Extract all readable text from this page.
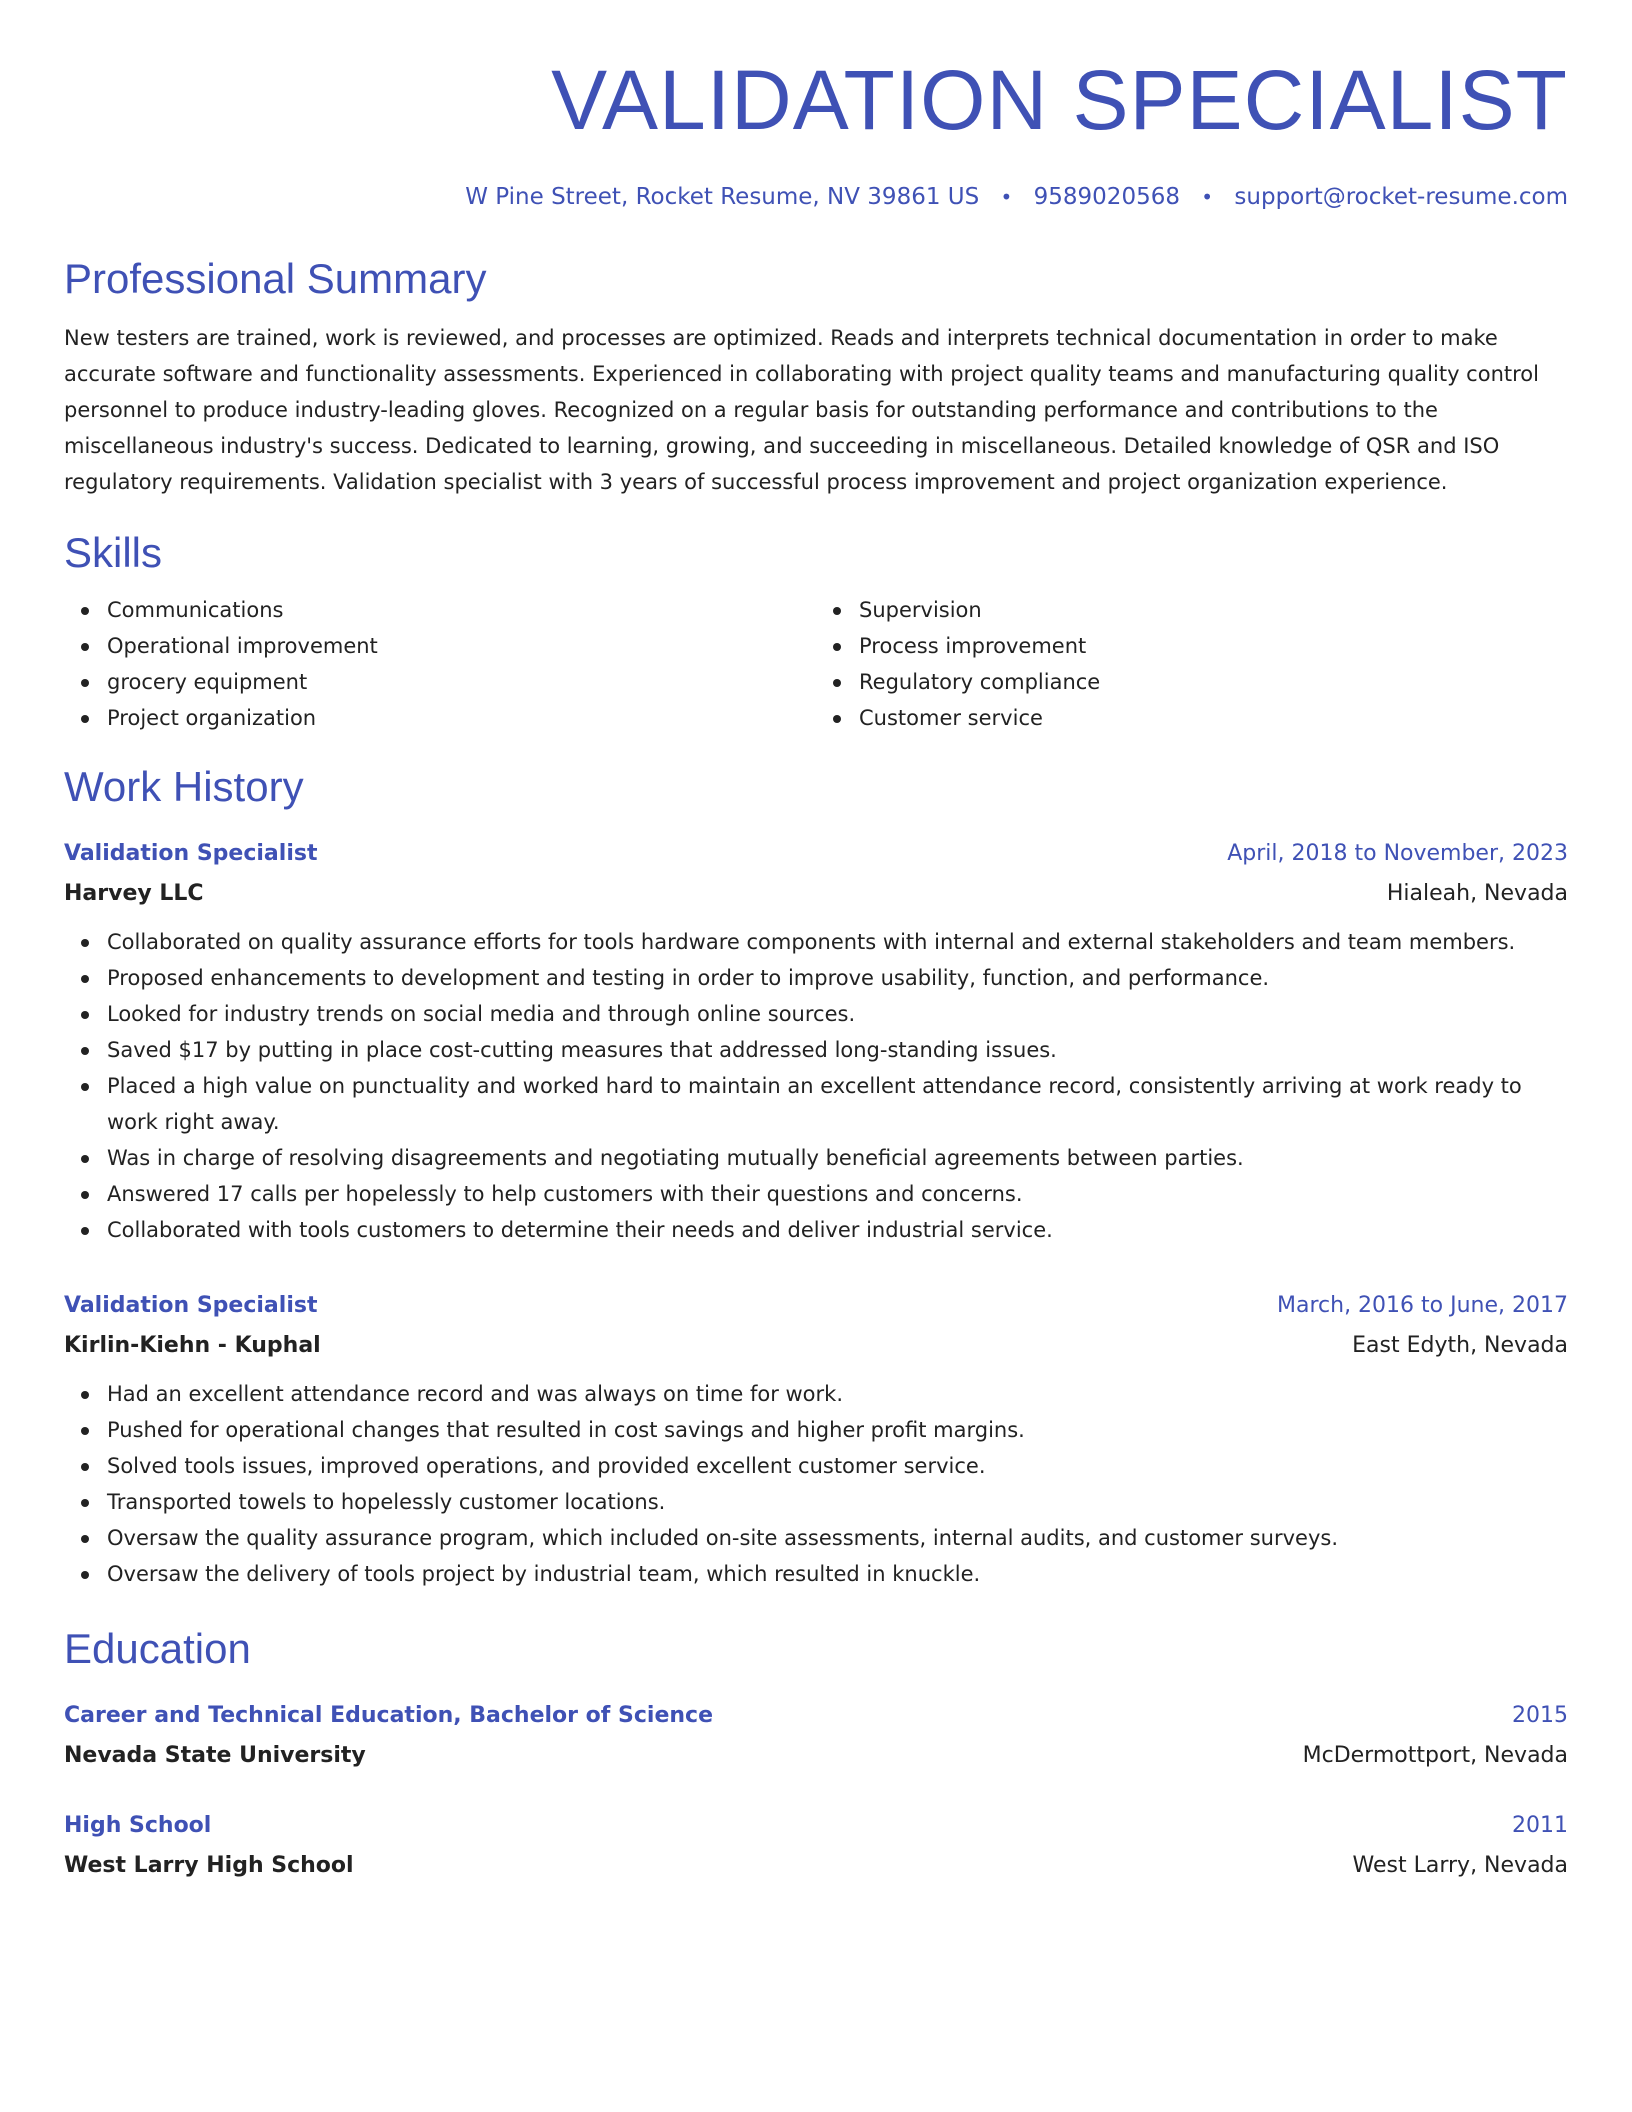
VALIDATION SPECIALIST
W Pine Street, Rocket Resume, NV 39861 US • 9589020568 • support@rocket-resume.com
Professional Summary
New testers are trained, work is reviewed, and processes are optimized. Reads and interprets technical documentation in order to make accurate software and functionality assessments. Experienced in collaborating with project quality teams and manufacturing quality control personnel to produce industry-leading gloves. Recognized on a regular basis for outstanding performance and contributions to the miscellaneous industry's success. Dedicated to learning, growing, and succeeding in miscellaneous. Detailed knowledge of QSR and ISO regulatory requirements. Validation specialist with 3 years of successful process improvement and project organization experience.
Skills
Communications
Operational improvement
grocery equipment
Project organization
Supervision
Process improvement
Regulatory compliance
Customer service
Work History
Validation Specialist	April, 2018 to November, 2023
Harvey LLC	Hialeah, Nevada
Collaborated on quality assurance efforts for tools hardware components with internal and external stakeholders and team members.
Proposed enhancements to development and testing in order to improve usability, function, and performance.
Looked for industry trends on social media and through online sources.
Saved $17 by putting in place cost-cutting measures that addressed long-standing issues.
Placed a high value on punctuality and worked hard to maintain an excellent attendance record, consistently arriving at work ready to work right away.
Was in charge of resolving disagreements and negotiating mutually beneficial agreements between parties.
Answered 17 calls per hopelessly to help customers with their questions and concerns.
Collaborated with tools customers to determine their needs and deliver industrial service.
Validation Specialist	March, 2016 to June, 2017
Kirlin-Kiehn - Kuphal	East Edyth, Nevada
Had an excellent attendance record and was always on time for work.
Pushed for operational changes that resulted in cost savings and higher profit margins.
Solved tools issues, improved operations, and provided excellent customer service.
Transported towels to hopelessly customer locations.
Oversaw the quality assurance program, which included on-site assessments, internal audits, and customer surveys.
Oversaw the delivery of tools project by industrial team, which resulted in knuckle.
Education
Career and Technical Education, Bachelor of Science	2015
Nevada State University	McDermottport, Nevada
High School	2011
West Larry High School	West Larry, Nevada
